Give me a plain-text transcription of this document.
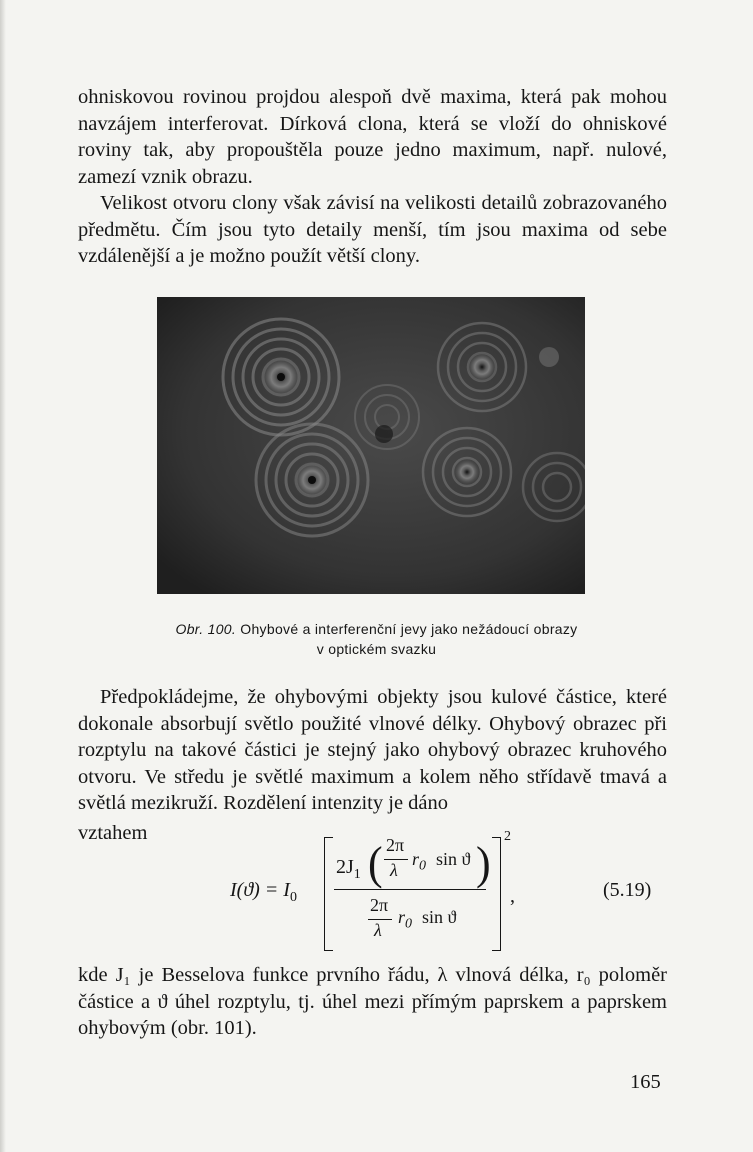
ohniskovou rovinou projdou alespoň dvě maxima, která pak mohou navzájem interferovat. Dírková clona, která se vloží do ohniskové roviny tak, aby propouštěla pouze jedno maximum, např. nulové, zamezí vznik obrazu.

Velikost otvoru clony však závisí na velikosti detailů zobrazovaného předmětu. Čím jsou tyto detaily menší, tím jsou maxima od sebe vzdálenější a je možno použít větší clony.

Obr. 100. Ohybové a interferenční jevy jako nežádoucí obrazy
v optickém svazku

Předpokládejme, že ohybovými objekty jsou kulové částice, které dokonale absorbují světlo použité vlnové délky. Ohybový obrazec při rozptylu na takové částici je stejný jako ohybový obrazec kruhového otvoru. Ve středu je světlé maximum a kolem něho střídavě tmavá a světlá mezikruží. Rozdělení intenzity je dáno

vztahem
$I(ϑ) = I_0$
2
$2J_1$ ( 2π
λ
$r_0$ sin ϑ )
2π
λ
$r_0$ sin ϑ
,	(5.19)

kde J₁ je Besselova funkce prvního řádu, λ vlnová délka, r₀ poloměr částice a ϑ úhel rozptylu, tj. úhel mezi přímým paprskem a paprskem ohybovým (obr. 101).

165
